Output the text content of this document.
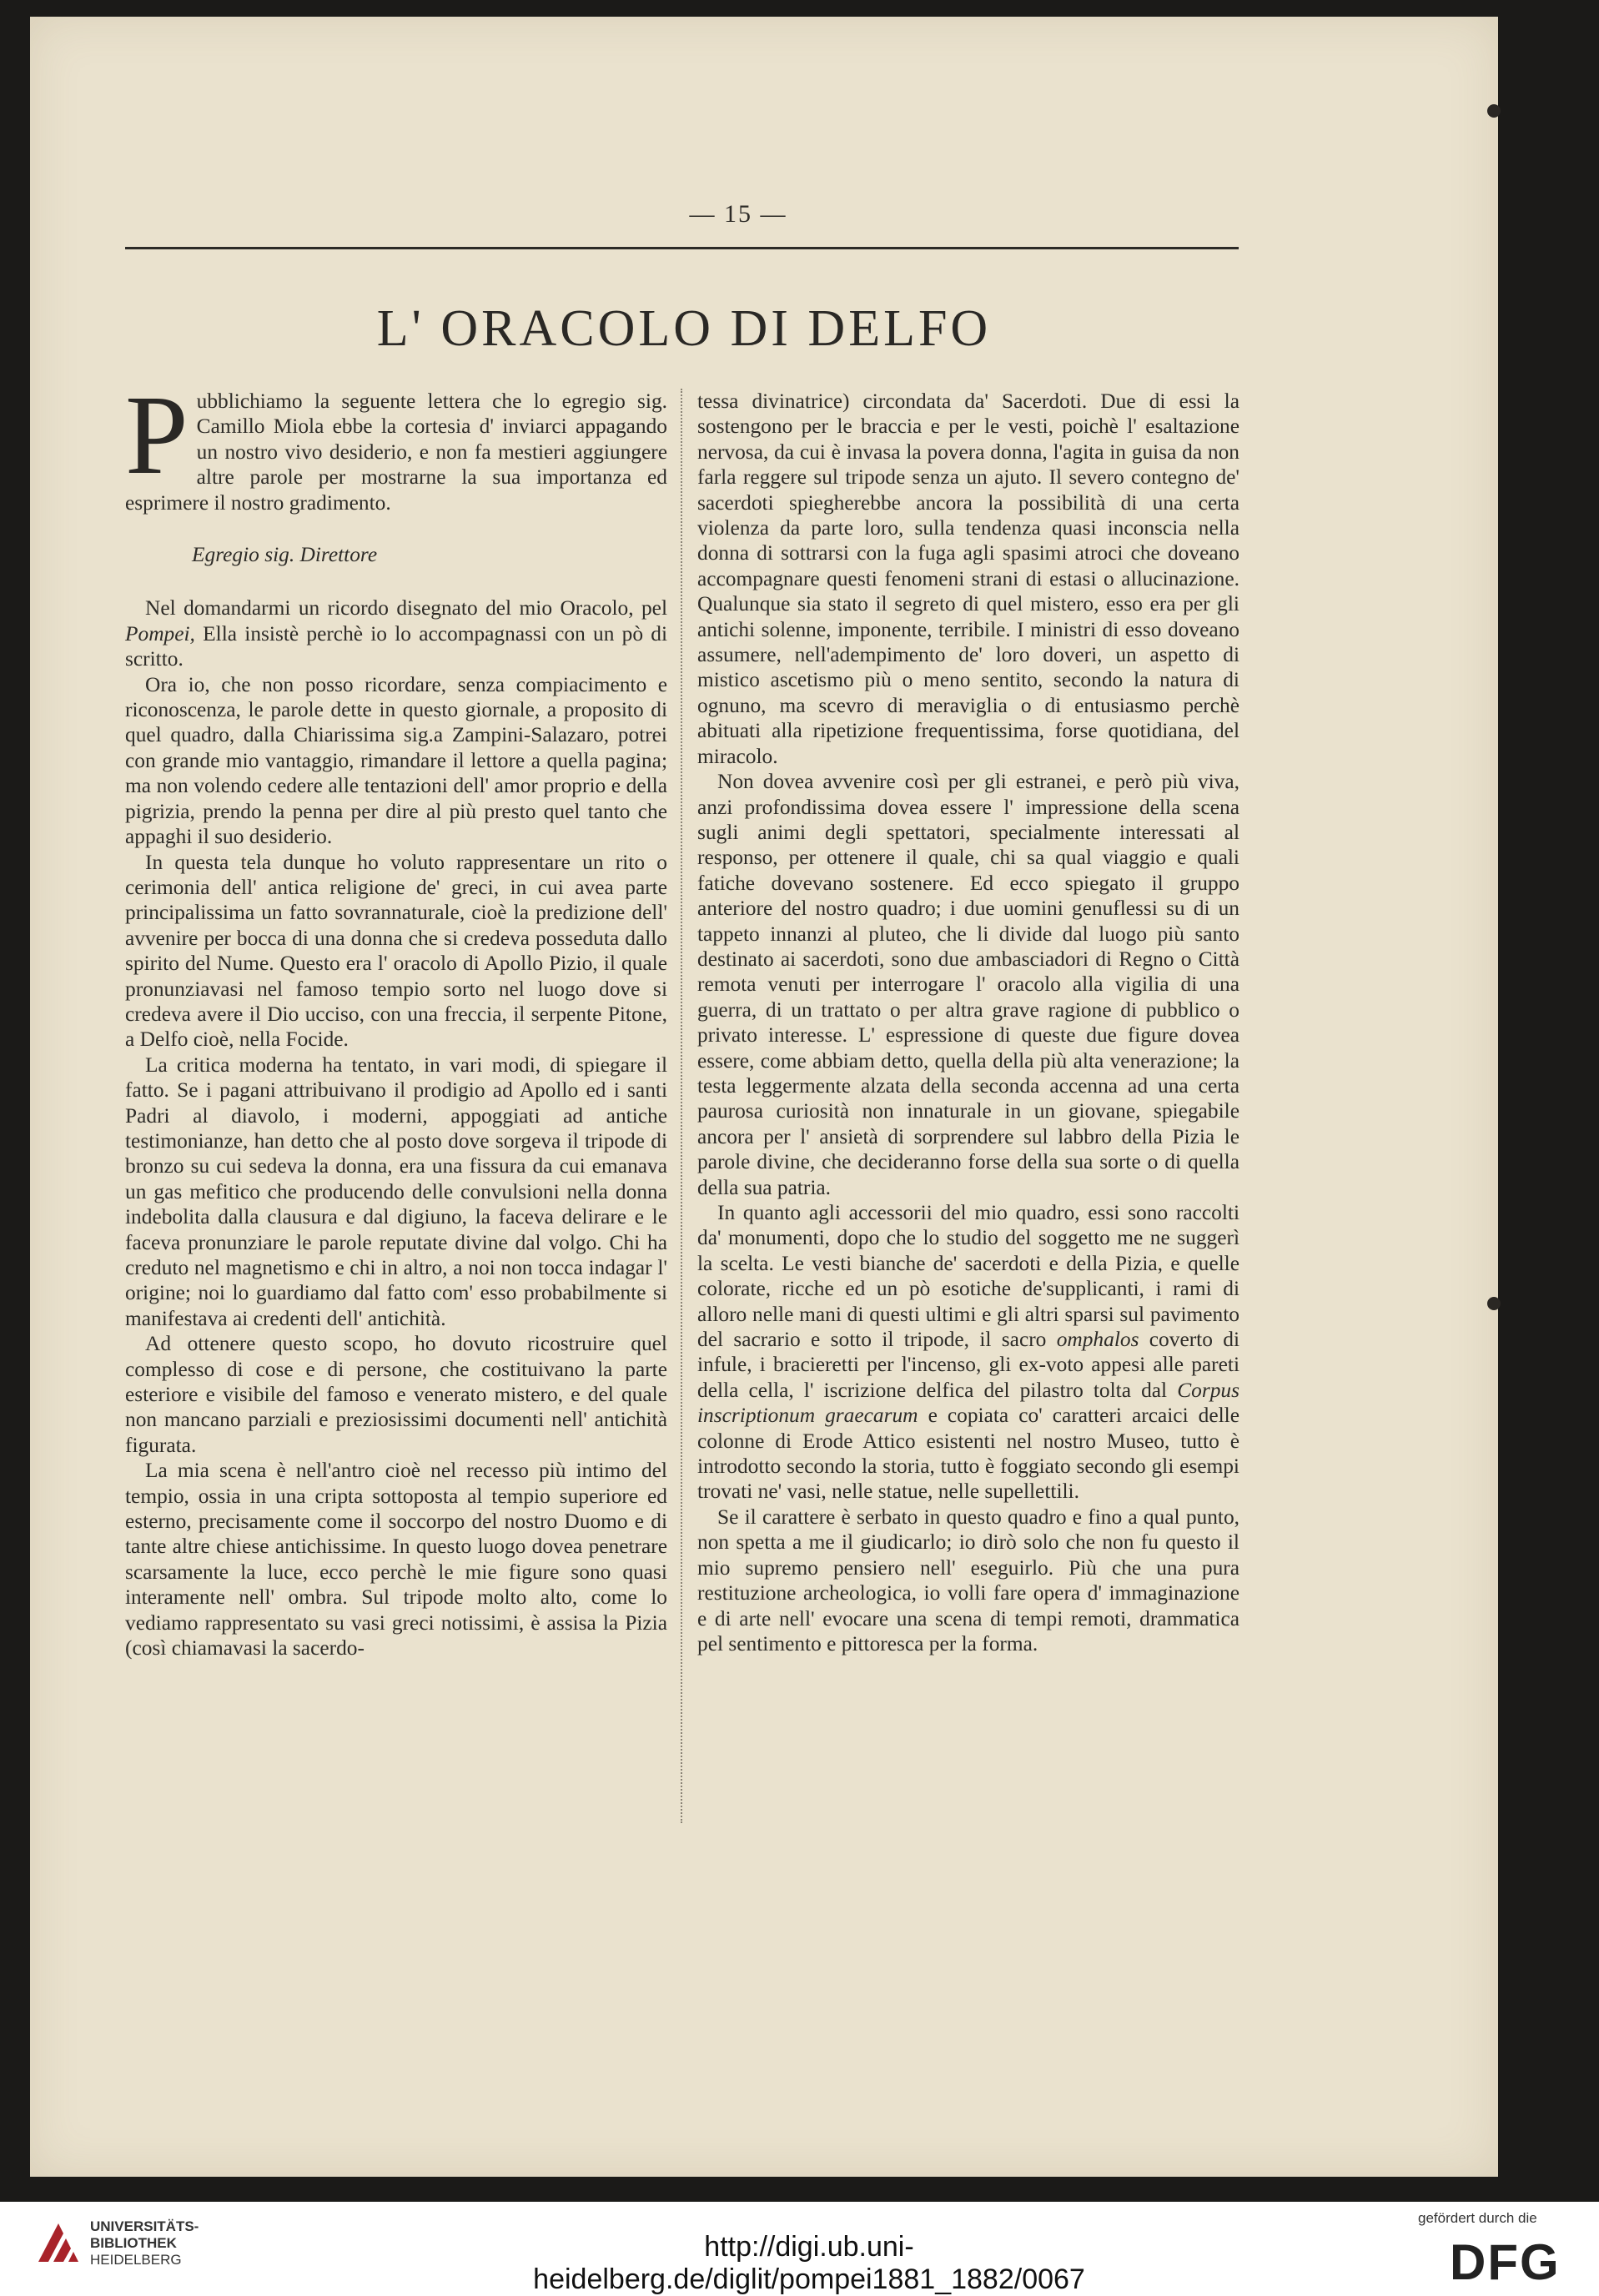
— 15 —
L' ORACOLO DI DELFO

Pubblichiamo la seguente lettera che lo egregio sig. Camillo Miola ebbe la cortesia d' inviarci appagando un nostro vivo desiderio, e non fa mestieri aggiungere altre parole per mostrarne la sua importanza ed esprimere il nostro gradimento.

Egregio sig. Direttore

Nel domandarmi un ricordo disegnato del mio Oracolo, pel Pompei, Ella insistè perchè io lo accompagnassi con un pò di scritto.

Ora io, che non posso ricordare, senza compiacimento e riconoscenza, le parole dette in questo giornale, a proposito di quel quadro, dalla Chiarissima sig.a Zampini-Salazaro, potrei con grande mio vantaggio, rimandare il lettore a quella pagina; ma non volendo cedere alle tentazioni dell' amor proprio e della pigrizia, prendo la penna per dire al più presto quel tanto che appaghi il suo desiderio.

In questa tela dunque ho voluto rappresentare un rito o cerimonia dell' antica religione de' greci, in cui avea parte principalissima un fatto sovrannaturale, cioè la predizione dell' avvenire per bocca di una donna che si credeva posseduta dallo spirito del Nume. Questo era l' oracolo di Apollo Pizio, il quale pronunziavasi nel famoso tempio sorto nel luogo dove si credeva avere il Dio ucciso, con una freccia, il serpente Pitone, a Delfo cioè, nella Focide.

La critica moderna ha tentato, in vari modi, di spiegare il fatto. Se i pagani attribuivano il prodigio ad Apollo ed i santi Padri al diavolo, i moderni, appoggiati ad antiche testimonianze, han detto che al posto dove sorgeva il tripode di bronzo su cui sedeva la donna, era una fissura da cui emanava un gas mefitico che producendo delle convulsioni nella donna indebolita dalla clausura e dal digiuno, la faceva delirare e le faceva pronunziare le parole reputate divine dal volgo. Chi ha creduto nel magnetismo e chi in altro, a noi non tocca indagar l' origine; noi lo guardiamo dal fatto com' esso probabilmente si manifestava ai credenti dell' antichità.

Ad ottenere questo scopo, ho dovuto ricostruire quel complesso di cose e di persone, che costituivano la parte esteriore e visibile del famoso e venerato mistero, e del quale non mancano parziali e preziosissimi documenti nell' antichità figurata.

La mia scena è nell'antro cioè nel recesso più intimo del tempio, ossia in una cripta sottoposta al tempio superiore ed esterno, precisamente come il soccorpo del nostro Duomo e di tante altre chiese antichissime. In questo luogo dovea penetrare scarsamente la luce, ecco perchè le mie figure sono quasi interamente nell' ombra. Sul tripode molto alto, come lo vediamo rappresentato su vasi greci notissimi, è assisa la Pizia (così chiamavasi la sacerdo-

tessa divinatrice) circondata da' Sacerdoti. Due di essi la sostengono per le braccia e per le vesti, poichè l' esaltazione nervosa, da cui è invasa la povera donna, l'agita in guisa da non farla reggere sul tripode senza un ajuto. Il severo contegno de' sacerdoti spiegherebbe ancora la possibilità di una certa violenza da parte loro, sulla tendenza quasi inconscia nella donna di sottrarsi con la fuga agli spasimi atroci che doveano accompagnare questi fenomeni strani di estasi o allucinazione. Qualunque sia stato il segreto di quel mistero, esso era per gli antichi solenne, imponente, terribile. I ministri di esso doveano assumere, nell'adempimento de' loro doveri, un aspetto di mistico ascetismo più o meno sentito, secondo la natura di ognuno, ma scevro di meraviglia o di entusiasmo perchè abituati alla ripetizione frequentissima, forse quotidiana, del miracolo.

Non dovea avvenire così per gli estranei, e però più viva, anzi profondissima dovea essere l' impressione della scena sugli animi degli spettatori, specialmente interessati al responso, per ottenere il quale, chi sa qual viaggio e quali fatiche dovevano sostenere. Ed ecco spiegato il gruppo anteriore del nostro quadro; i due uomini genuflessi su di un tappeto innanzi al pluteo, che li divide dal luogo più santo destinato ai sacerdoti, sono due ambasciadori di Regno o Città remota venuti per interrogare l' oracolo alla vigilia di una guerra, di un trattato o per altra grave ragione di pubblico o privato interesse. L' espressione di queste due figure dovea essere, come abbiam detto, quella della più alta venerazione; la testa leggermente alzata della seconda accenna ad una certa paurosa curiosità non innaturale in un giovane, spiegabile ancora per l' ansietà di sorprendere sul labbro della Pizia le parole divine, che decideranno forse della sua sorte o di quella della sua patria.

In quanto agli accessorii del mio quadro, essi sono raccolti da' monumenti, dopo che lo studio del soggetto me ne suggerì la scelta. Le vesti bianche de' sacerdoti e della Pizia, e quelle colorate, ricche ed un pò esotiche de'supplicanti, i rami di alloro nelle mani di questi ultimi e gli altri sparsi sul pavimento del sacrario e sotto il tripode, il sacro omphalos coverto di infule, i bracieretti per l'incenso, gli ex-voto appesi alle pareti della cella, l' iscrizione delfica del pilastro tolta dal Corpus inscriptionum graecarum e copiata co' caratteri arcaici delle colonne di Erode Attico esistenti nel nostro Museo, tutto è introdotto secondo la storia, tutto è foggiato secondo gli esempi trovati ne' vasi, nelle statue, nelle supellettili.

Se il carattere è serbato in questo quadro e fino a qual punto, non spetta a me il giudicarlo; io dirò solo che non fu questo il mio supremo pensiero nell' eseguirlo. Più che una pura restituzione archeologica, io volli fare opera d' immaginazione e di arte nell' evocare una scena di tempi remoti, drammatica pel sentimento e pittoresca per la forma.

UNIVERSITÄTS-
BIBLIOTHEK
HEIDELBERG	http://digi.ub.uni-heidelberg.de/diglit/pompei1881_1882/0067
gefördert durch die
DFG
